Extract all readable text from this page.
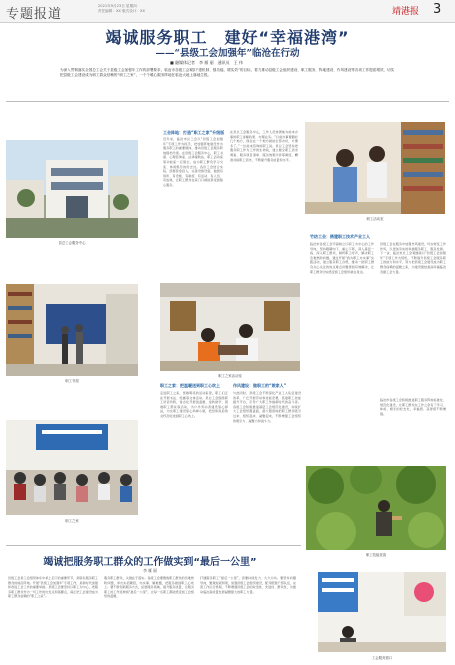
专题报道
2021年9月23日 星期四
责任编辑：XX 版式设计：XX	靖港报 3
竭诚服务职工　建好“幸福港湾”
——“县级工会加强年”临沧在行动
■ 融媒体记者　李 雁 丽　通讯员　王 伟
为深入贯彻落实全国总工会关于县级工会加强年工作的部署要求，临沧市各级工会紧扣“建机制、强功能、增实效”的目标，着力推动县级工会组织建设、职工服务、阵地建设、作风建设等各项工作提质增效，切实把县级工会建设成为职工群众信赖的“职工之家”，一个个暖心服务阵地在临沧大地上落地生根。
县总工会服务中心
职工书屋
职工之家
工会阵地：打造“职工之家”升级版
近年来，临沧市总工会以“县级工会加强年”专项工作为抓手，把加强阵地建设作为服务职工的重要载体，推动县级工会服务阵地提档升级。在县级工会服务中心，职工书屋、心理咨询室、法律援助站、职工活动室等功能室一应俱全，成为职工群众学习交流、休闲娱乐的好去处。各县工会结合实际，统筹资金投入，完善设施设备，做到有场所、有设施、有制度、有活动、有人员、有成效，让职工群众在家门口就能享受到贴心服务。
在县总工会服务中心，工作人员热情地为前来办事的职工讲解政策、办理业务。“以前办事要跑好几个地方，现在在一个地方就能全部办好，方便多了。”一位前来咨询的职工说。县总工会坚持把服务职工作为工作的生命线，建立健全职工需求调查、服务项目清单、服务效果评价等制度，精准对接职工需求，不断提升服务质量和水平。
职工活动室
职工之家活动室
职工之家：把温暖送到职工心坎上
走进职工之家，宽敞明亮的活动室里，职工们正在开展书法、绘画等文体活动。县总工会围绕职工所需所盼，常态化开展送温暖、金秋助学、困难职工帮扶等活动，为户外劳动者建设爱心驿站，为女职工建设爱心妈咪小屋，把党和政府的关怀及时送到职工心坎上。
作风建设：做职工的“娘家人”
与此同时，县级工会不断深化产业工人队伍建设改革，广泛开展劳动和技能竞赛，搭建职工技能提升平台，引导广大职工争做新时代的奋斗者。各级工会积极推进基层工会规范化建设，持续扩大工会组织覆盖面，最大限度地把职工群众吸引过来、组织起来、凝聚起来，不断增强工会组织的吸引力、凝聚力和战斗力。
竹纺工会：搭建职工技术产业工人
临沧市各级工会牢固树立以职工为中心的工作导向，坚持眼睛向下、重心下移，深入基层一线、深入职工群众，倾听职工呼声，解决职工急难愁盼问题。通过开展“我为职工办实事”实践活动，建立服务职工台账，推动一批职工群众关心关注的热点难点问题得到有效解决，让职工群众切实感受到工会组织就在身边。
县级工会在服务中加强作风建设，切实转变工作作风，以更加务实的举措服务职工、服务发展。下一步，临沧市总工会将继续以“县级工会加强年”专项工作为契机，不断提升县级工会服务职工的能力和水平，努力把县级工会建设成为职工群众信赖的温暖之家，为建设团结美丽幸福临沧贡献工会力量。
临沧市各级工会积极推进职工服务阵地标准化、规范化建设，让职工群众在工作之余有了学习、休闲、娱乐的好去处，幸福感、获得感不断增强。
职工技能竞赛
竭诚把服务职工群众的工作做实到“最后一公里”
李 雁 丽
县级工会是工会组织体系中承上启下的重要环节，是联系服务职工群众的前沿阵地。开展“县级工会加强年”专项工作，是新时代加强和改进工会工作的重要举措。县级工会要坚持以职工为中心，把服务职工群众作为一切工作的出发点和落脚点，真正把工会建设成为职工群众信赖的“职工之家”。
服务职工群众，关键在于落实。各级工会要聚焦职工群众的急难愁盼问题，拿出实招硬招，办实事、解难题，把服务做到职工心坎上。要不断创新服务方式，拓展服务领域，提升服务质量，让服务职工的工作延伸到“最后一公里”，让每一名职工都能感受到工会组织的温暖。
打通服务职工“最后一公里”，需要持续发力、久久为功。要坚持问题导向，聚焦短板弱项，加强县级工会组织建设，配齐配强干部队伍，完善工作运行机制，不断增强县级工会的政治性、先进性、群众性，为推动临沧高质量发展凝聚强大的职工力量。
工会服务窗口
